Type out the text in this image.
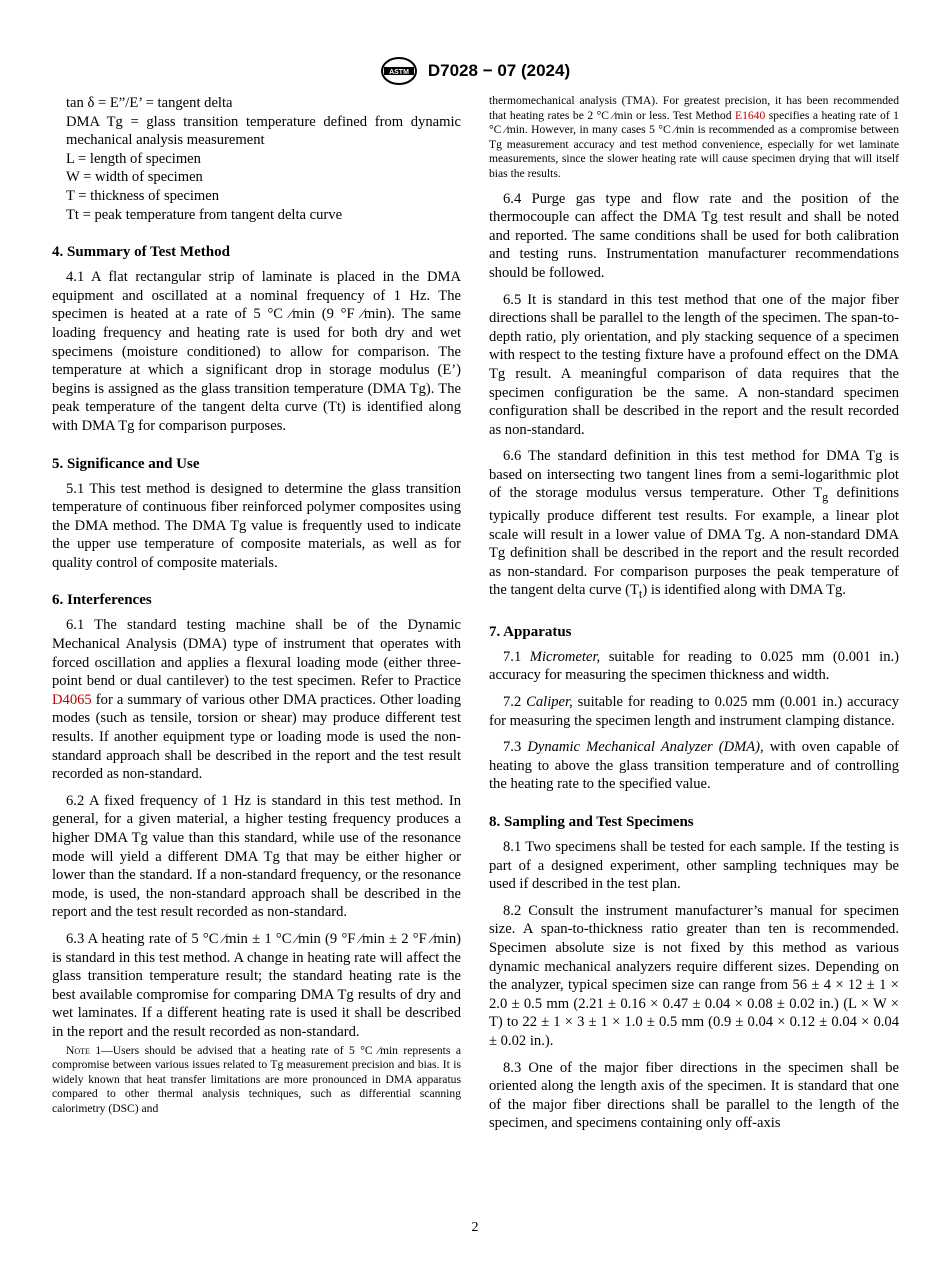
ASTM D7028 − 07 (2024)

tan δ = E”/E’ = tangent delta

DMA Tg = glass transition temperature defined from dynamic mechanical analysis measurement

L = length of specimen

W = width of specimen

T = thickness of specimen

Tt = peak temperature from tangent delta curve

4. Summary of Test Method

4.1 A flat rectangular strip of laminate is placed in the DMA equipment and oscillated at a nominal frequency of 1 Hz. The specimen is heated at a rate of 5 °C ⁄min (9 °F ⁄min). The same loading frequency and heating rate is used for both dry and wet specimens (moisture conditioned) to allow for comparison. The temperature at which a significant drop in storage modulus (E’) begins is assigned as the glass transition temperature (DMA Tg). The peak temperature of the tangent delta curve (Tt) is identified along with DMA Tg for comparison purposes.

5. Significance and Use

5.1 This test method is designed to determine the glass transition temperature of continuous fiber reinforced polymer composites using the DMA method. The DMA Tg value is frequently used to indicate the upper use temperature of composite materials, as well as for quality control of composite materials.

6. Interferences

6.1 The standard testing machine shall be of the Dynamic Mechanical Analysis (DMA) type of instrument that operates with forced oscillation and applies a flexural loading mode (either three-point bend or dual cantilever) to the test specimen. Refer to Practice D4065 for a summary of various other DMA practices. Other loading modes (such as tensile, torsion or shear) may produce different test results. If another equipment type or loading mode is used the non-standard approach shall be described in the report and the test result recorded as non-standard.

6.2 A fixed frequency of 1 Hz is standard in this test method. In general, for a given material, a higher testing frequency produces a higher DMA Tg value than this standard, while use of the resonance mode will yield a different DMA Tg that may be either higher or lower than the standard. If a non-standard frequency, or the resonance mode, is used, the non-standard approach shall be described in the report and the test result recorded as non-standard.

6.3 A heating rate of 5 °C ⁄min ± 1 °C ⁄min (9 °F ⁄min ± 2 °F ⁄min) is standard in this test method. A change in heating rate will affect the glass transition temperature result; the standard heating rate is the best available compromise for comparing DMA Tg results of dry and wet laminates. If a different heating rate is used it shall be described in the report and the result recorded as non-standard.

Note 1—Users should be advised that a heating rate of 5 °C ⁄min represents a compromise between various issues related to Tg measurement precision and bias. It is widely known that heat transfer limitations are more pronounced in DMA apparatus compared to other thermal analysis techniques, such as differential scanning calorimetry (DSC) and

thermomechanical analysis (TMA). For greatest precision, it has been recommended that heating rates be 2 °C ⁄min or less. Test Method E1640 specifies a heating rate of 1 °C ⁄min. However, in many cases 5 °C ⁄min is recommended as a compromise between Tg measurement accuracy and test method convenience, especially for wet laminate measurements, since the slower heating rate will cause specimen drying that will itself bias the results.

6.4 Purge gas type and flow rate and the position of the thermocouple can affect the DMA Tg test result and shall be noted and reported. The same conditions shall be used for both calibration and testing runs. Instrumentation manufacturer recommendations should be followed.

6.5 It is standard in this test method that one of the major fiber directions shall be parallel to the length of the specimen. The span-to-depth ratio, ply orientation, and ply stacking sequence of a specimen with respect to the testing fixture have a profound effect on the DMA Tg result. A meaningful comparison of data requires that the specimen configuration be the same. A non-standard specimen configuration shall be described in the report and the result recorded as non-standard.

6.6 The standard definition in this test method for DMA Tg is based on intersecting two tangent lines from a semi-logarithmic plot of the storage modulus versus temperature. Other $T_g$ definitions typically produce different test results. For example, a linear plot scale will result in a lower value of DMA Tg. A non-standard DMA Tg definition shall be described in the report and the result recorded as non-standard. For comparison purposes the peak temperature of the tangent delta curve $(T_t)$ is identified along with DMA Tg.

7. Apparatus

7.1 Micrometer, suitable for reading to 0.025 mm (0.001 in.) accuracy for measuring the specimen thickness and width.

7.2 Caliper, suitable for reading to 0.025 mm (0.001 in.) accuracy for measuring the specimen length and instrument clamping distance.

7.3 Dynamic Mechanical Analyzer (DMA), with oven capable of heating to above the glass transition temperature and of controlling the heating rate to the specified value.

8. Sampling and Test Specimens

8.1 Two specimens shall be tested for each sample. If the testing is part of a designed experiment, other sampling techniques may be used if described in the test plan.

8.2 Consult the instrument manufacturer’s manual for specimen size. A span-to-thickness ratio greater than ten is recommended. Specimen absolute size is not fixed by this method as various dynamic mechanical analyzers require different sizes. Depending on the analyzer, typical specimen size can range from 56 ± 4 × 12 ± 1 × 2.0 ± 0.5 mm (2.21 ± 0.16 × 0.47 ± 0.04 × 0.08 ± 0.02 in.) (L × W × T) to 22 ± 1 × 3 ± 1 × 1.0 ± 0.5 mm (0.9 ± 0.04 × 0.12 ± 0.04 × 0.04 ± 0.02 in.).

8.3 One of the major fiber directions in the specimen shall be oriented along the length axis of the specimen. It is standard that one of the major fiber directions shall be parallel to the length of the specimen, and specimens containing only off-axis

2
